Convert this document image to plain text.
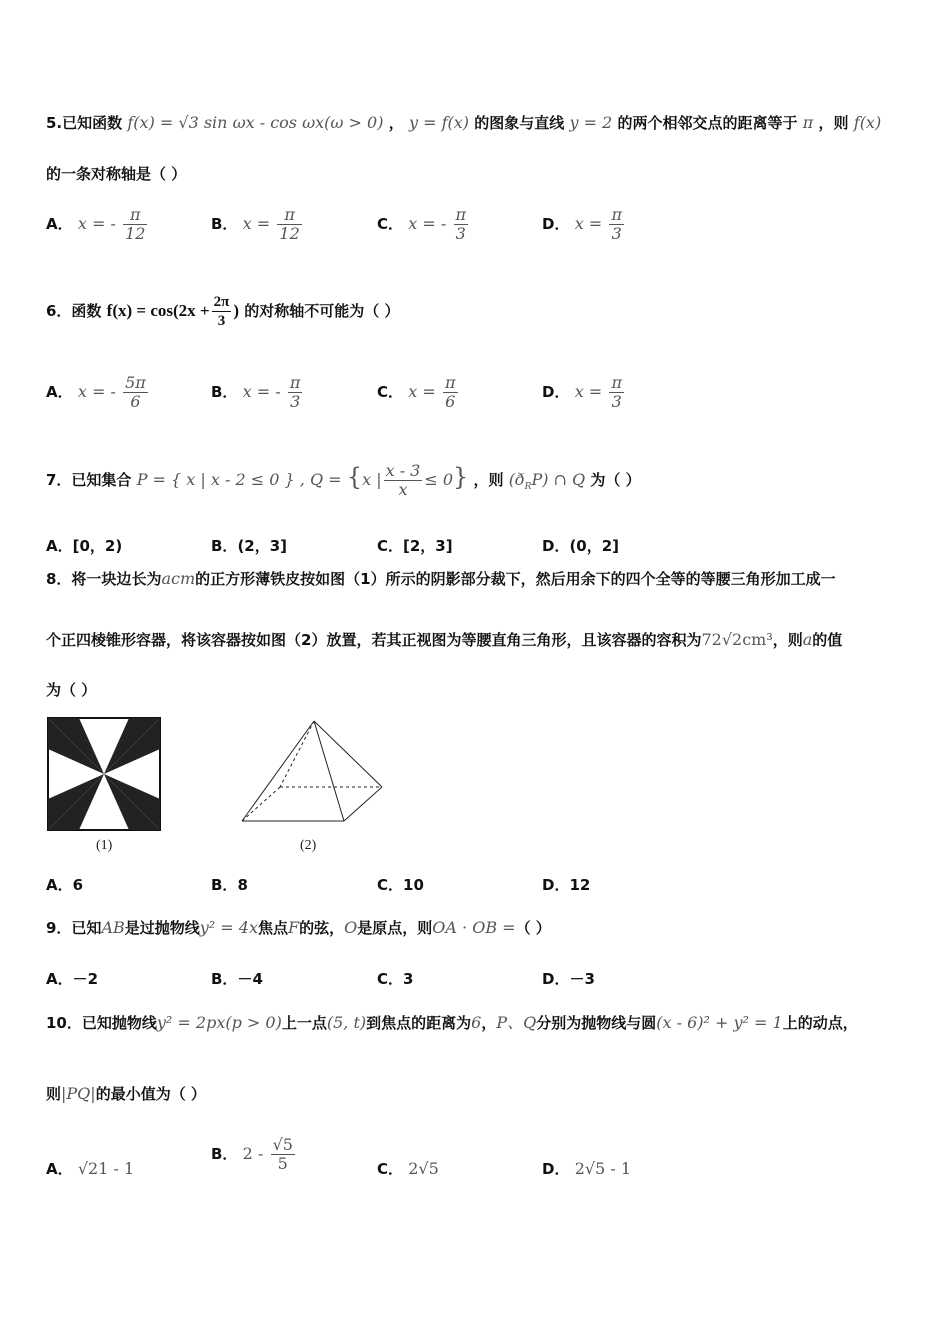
5.已知函数 f(x) = √3 sin ωx - cos ωx(ω > 0) ， y = f(x) 的图象与直线 y = 2 的两个相邻交点的距离等于 π ，则 f(x)
的一条对称轴是（ ）
A． x = - $\frac{\pi}{12}$	B． $x = \frac{\pi}{12}$	C． x = - $\frac{\pi}{3}$	D． $x = \frac{\pi}{3}$
6．函数 $f(x) = \cos(2x + \frac{2\pi}{3}$ ) 的对称轴不可能为（ ）
A． x = - $\frac{5\pi}{6}$	B． x = - $\frac{\pi}{3}$	C． $x = \frac{\pi}{6}$	D． $x = \frac{\pi}{3}$
7．已知集合 P = { x | x - 2 ≤ 0 } , Q = {x | $\frac{x - 3}{x} \le 0$} ，则 $(ð_RP)$ ∩ Q 为（ ）
A．[0，2)	B．(2，3]	C．[2，3]	D．(0，2]
8．将一块边长为acm的正方形薄铁皮按如图（1）所示的阴影部分裁下，然后用余下的四个全等的等腰三角形加工成一
个正四棱锥形容器，将该容器按如图（2）放置，若其正视图为等腰直角三角形，且该容器的容积为72√2cm³，则a的值
为（ ）
(1)	(2)
A．6	B．8	C．10	D．12
9．已知AB是过抛物线y² = 4x焦点F的弦，O是原点，则OA · OB =（ ）
A．－2	B．－4	C．3	D．－3
10．已知抛物线y² = 2px(p > 0)上一点(5, t)到焦点的距离为6，P、Q分别为抛物线与圆(x - 6)² + y² = 1上的动点，
则|PQ|的最小值为（ ）
A． √21 - 1
B． $2 - \frac{√5}{5}$	C． 2√5	D． 2√5 - 1
